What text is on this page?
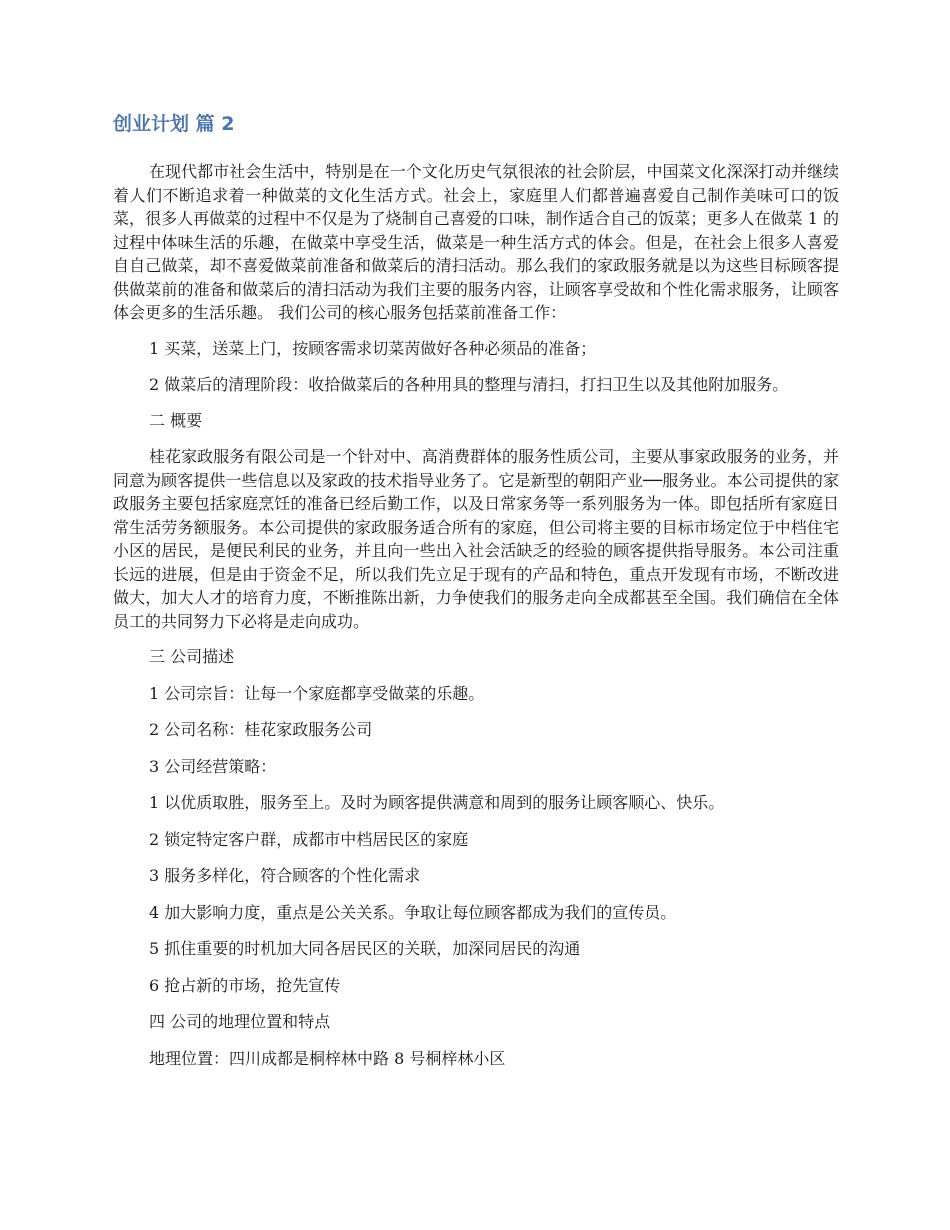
创业计划 篇 2

在现代都市社会生活中，特别是在一个文化历史气氛很浓的社会阶层，中国菜文化深深打动并继续着人们不断追求着一种做菜的文化生活方式。社会上，家庭里人们都普遍喜爱自己制作美味可口的饭菜，很多人再做菜的过程中不仅是为了烧制自己喜爱的口味，制作适合自己的饭菜；更多人在做菜 1 的过程中体味生活的乐趣，在做菜中享受生活，做菜是一种生活方式的体会。但是，在社会上很多人喜爱自自己做菜，却不喜爱做菜前准备和做菜后的清扫活动。那么我们的家政服务就是以为这些目标顾客提供做菜前的准备和做菜后的清扫活动为我们主要的服务内容，让顾客享受故和个性化需求服务，让顾客体会更多的生活乐趣。 我们公司的核心服务包括菜前准备工作：

1 买菜，送菜上门，按顾客需求切菜苪做好各种必须品的准备；

2 做菜后的清理阶段：收拾做菜后的各种用具的整理与清扫，打扫卫生以及其他附加服务。

二 概要

桂花家政服务有限公司是一个针对中、高消费群体的服务性质公司，主要从事家政服务的业务，并同意为顾客提供一些信息以及家政的技术指导业务了。它是新型的朝阳产业──服务业。本公司提供的家政服务主要包括家庭烹饪的准备已经后勤工作，以及日常家务等一系列服务为一体。即包括所有家庭日常生活劳务额服务。本公司提供的家政服务适合所有的家庭，但公司将主要的目标市场定位于中档住宅小区的居民，是便民利民的业务，并且向一些出入社会活缺乏的经验的顾客提供指导服务。本公司注重长远的进展，但是由于资金不足，所以我们先立足于现有的产品和特色，重点开发现有市场，不断改进做大，加大人才的培育力度，不断推陈出新，力争使我们的服务走向全成都甚至全国。我们确信在全体员工的共同努力下必将是走向成功。

三 公司描述

1 公司宗旨：让每一个家庭都享受做菜的乐趣。

2 公司名称：桂花家政服务公司

3 公司经营策略：

1 以优质取胜，服务至上。及时为顾客提供满意和周到的服务让顾客顺心、快乐。

2 锁定特定客户群，成都市中档居民区的家庭

3 服务多样化，符合顾客的个性化需求

4 加大影响力度，重点是公关关系。争取让每位顾客都成为我们的宣传员。

5 抓住重要的时机加大同各居民区的关联，加深同居民的沟通

6 抢占新的市场，抢先宣传

四 公司的地理位置和特点

地理位置：四川成都是桐梓林中路 8 号桐梓林小区
